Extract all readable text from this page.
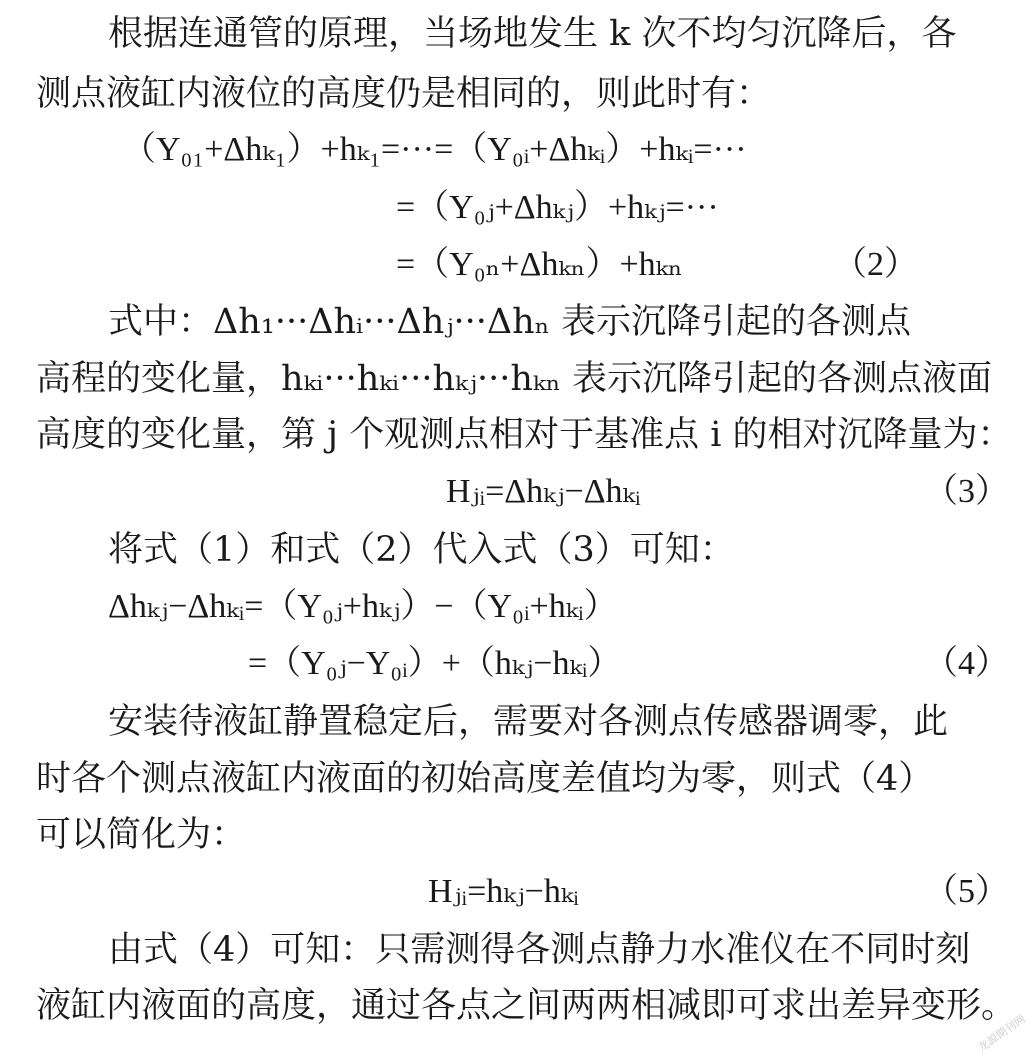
根据连通管的原理，当场地发生 k 次不均匀沉降后，各
测点液缸内液位的高度仍是相同的，则此时有：
（Y₀₁+Δhₖ₁）+hₖ₁=···=（Y₀ᵢ+Δhₖᵢ）+hₖᵢ=···
=（Y₀ⱼ+Δhₖⱼ）+hₖⱼ=···
=（Y₀ₙ+Δhₖₙ）+hₖₙ	（2）
式中：Δh₁···Δhᵢ···Δhⱼ···Δhₙ 表示沉降引起的各测点
高程的变化量，hₖᵢ···hₖᵢ···hₖⱼ···hₖₙ 表示沉降引起的各测点液面
高度的变化量，第 j 个观测点相对于基准点 i 的相对沉降量为：
Hⱼᵢ=Δhₖⱼ−Δhₖᵢ	（3）
将式（1）和式（2）代入式（3）可知：
Δhₖⱼ−Δhₖᵢ=（Y₀ⱼ+hₖⱼ）−（Y₀ᵢ+hₖᵢ）
=（Y₀ⱼ−Y₀ᵢ）+（hₖⱼ−hₖᵢ）	（4）
安装待液缸静置稳定后，需要对各测点传感器调零，此
时各个测点液缸内液面的初始高度差值均为零，则式（4）
可以简化为：
Hⱼᵢ=hₖⱼ−hₖᵢ	（5）
由式（4）可知：只需测得各测点静力水准仪在不同时刻
液缸内液面的高度，通过各点之间两两相减即可求出差异变形。
龙源期刊网
